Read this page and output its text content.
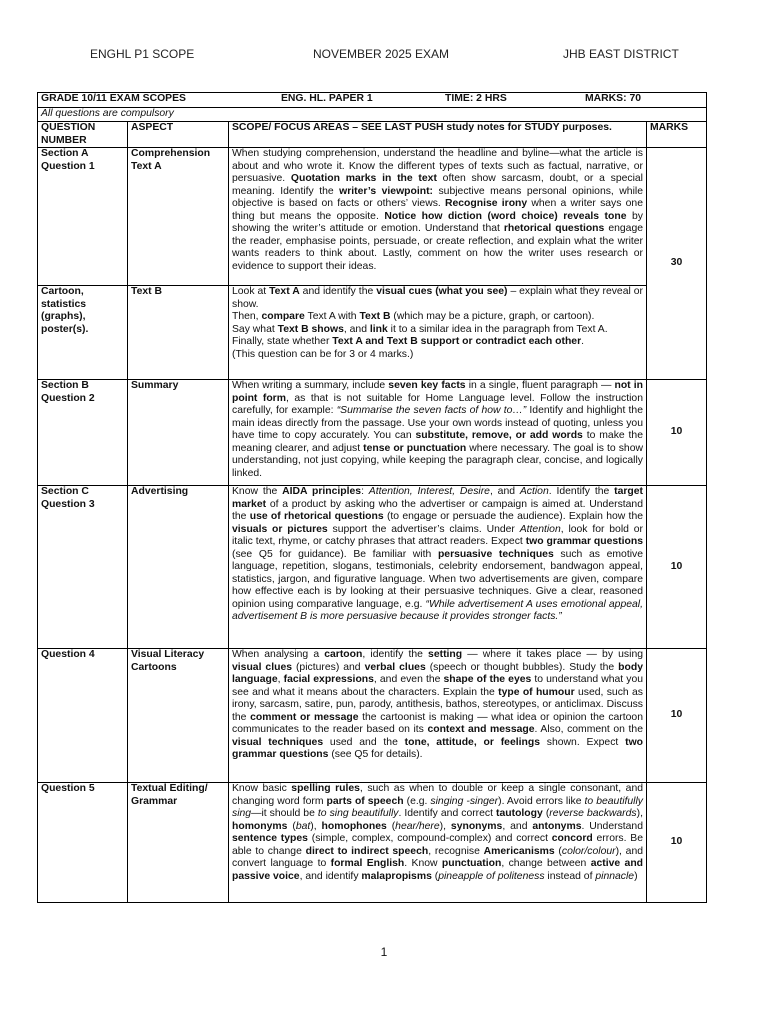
ENGHL P1 SCOPE	NOVEMBER 2025 EXAM	JHB EAST DISTRICT
GRADE 10/11 EXAM SCOPES ENG. HL. PAPER 1 TIME: 2 HRS MARKS: 70			
All questions are compulsory			
QUESTION NUMBER	ASPECT	SCOPE/ FOCUS AREAS – SEE LAST PUSH study notes for STUDY purposes.	MARKS
Section A Question 1	Comprehension Text A	When studying comprehension, understand the headline and byline—what the article is about and who wrote it. Know the different types of texts such as factual, narrative, or persuasive. Quotation marks in the text often show sarcasm, doubt, or a special meaning. Identify the writer’s viewpoint: subjective means personal opinions, while objective is based on facts or others’ views. Recognise irony when a writer says one thing but means the opposite. Notice how diction (word choice) reveals tone by showing the writer’s attitude or emotion. Understand that rhetorical questions engage the reader, emphasise points, persuade, or create reflection, and explain what the writer wants readers to think about. Lastly, comment on how the writer uses research or evidence to support their ideas.	30
Cartoon, statistics (graphs), poster(s).	Text B	Look at Text A and identify the visual cues (what you see) – explain what they reveal or show.
Then, compare Text A with Text B (which may be a picture, graph, or cartoon).
Say what Text B shows, and link it to a similar idea in the paragraph from Text A.
Finally, state whether Text A and Text B support or contradict each other.
(This question can be for 3 or 4 marks.)	
Section B Question 2	Summary	When writing a summary, include seven key facts in a single, fluent paragraph — not in point form, as that is not suitable for Home Language level. Follow the instruction carefully, for example: “Summarise the seven facts of how to…” Identify and highlight the main ideas directly from the passage. Use your own words instead of quoting, unless you have time to copy accurately. You can substitute, remove, or add words to make the meaning clearer, and adjust tense or punctuation where necessary. The goal is to show understanding, not just copying, while keeping the paragraph clear, concise, and logically linked.	10
Section C Question 3	Advertising	Know the AIDA principles: Attention, Interest, Desire, and Action. Identify the target market of a product by asking who the advertiser or campaign is aimed at. Understand the use of rhetorical questions (to engage or persuade the audience). Explain how the visuals or pictures support the advertiser’s claims. Under Attention, look for bold or italic text, rhyme, or catchy phrases that attract readers. Expect two grammar questions (see Q5 for guidance). Be familiar with persuasive techniques such as emotive language, repetition, slogans, testimonials, celebrity endorsement, bandwagon appeal, statistics, jargon, and figurative language. When two advertisements are given, compare how effective each is by looking at their persuasive techniques. Give a clear, reasoned opinion using comparative language, e.g. “While advertisement A uses emotional appeal, advertisement B is more persuasive because it provides stronger facts.”	10
Question 4	Visual Literacy Cartoons	When analysing a cartoon, identify the setting — where it takes place — by using visual clues (pictures) and verbal clues (speech or thought bubbles). Study the body language, facial expressions, and even the shape of the eyes to understand what you see and what it means about the characters. Explain the type of humour used, such as irony, sarcasm, satire, pun, parody, antithesis, bathos, stereotypes, or anticlimax. Discuss the comment or message the cartoonist is making — what idea or opinion the cartoon communicates to the reader based on its context and message. Also, comment on the visual techniques used and the tone, attitude, or feelings shown. Expect two grammar questions (see Q5 for details).	10
Question 5	Textual Editing/ Grammar	Know basic spelling rules, such as when to double or keep a single consonant, and changing word form parts of speech (e.g. singing -singer). Avoid errors like to beautifully sing—it should be to sing beautifully. Identify and correct tautology (reverse backwards), homonyms (bat), homophones (hear/here), synonyms, and antonyms. Understand sentence types (simple, complex, compound-complex) and correct concord errors. Be able to change direct to indirect speech, recognise Americanisms (color/colour), and convert language to formal English. Know punctuation, change between active and passive voice, and identify malapropisms (pineapple of politeness instead of pinnacle)	10
1
